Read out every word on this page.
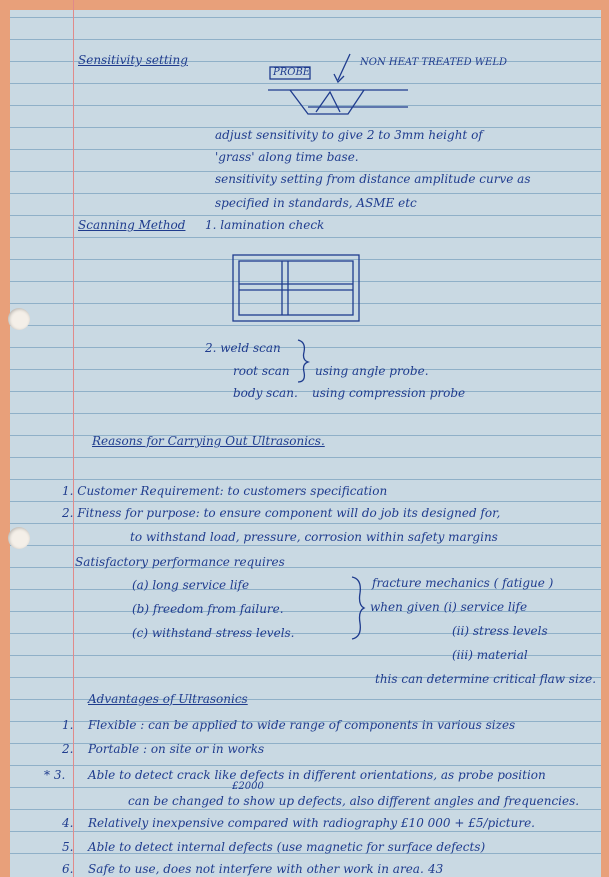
Sensitivity setting
PROBE
NON HEAT TREATED WELD
adjust sensitivity to give 2 to 3mm height of
'grass' along time base.
sensitivity setting from distance amplitude curve as
specified in standards, ASME etc
Scanning Method 1. lamination check
2. weld scan
root scan using angle probe.
body scan. using compression probe
Reasons for Carrying Out Ultrasonics.
1. Customer Requirement: to customers specification
2. Fitness for purpose: to ensure component will do job its designed for,
to withstand load, pressure, corrosion within safety margins
Satisfactory performance requires
(a) long service life
(b) freedom from failure.
(c) withstand stress levels.
fracture mechanics ( fatigue )
when given (i) service life
(ii) stress levels
(iii) material
this can determine critical flaw size.
Advantages of Ultrasonics
1. Flexible : can be applied to wide range of components in various sizes
2. Portable : on site or in works
* 3. Able to detect crack like defects in different orientations, as probe position
£2000
can be changed to show up defects, also different angles and frequencies.
4. Relatively inexpensive compared with radiography £10 000 + £5/picture.
5. Able to detect internal defects (use magnetic for surface defects)
6. Safe to use, does not interfere with other work in area. 43
